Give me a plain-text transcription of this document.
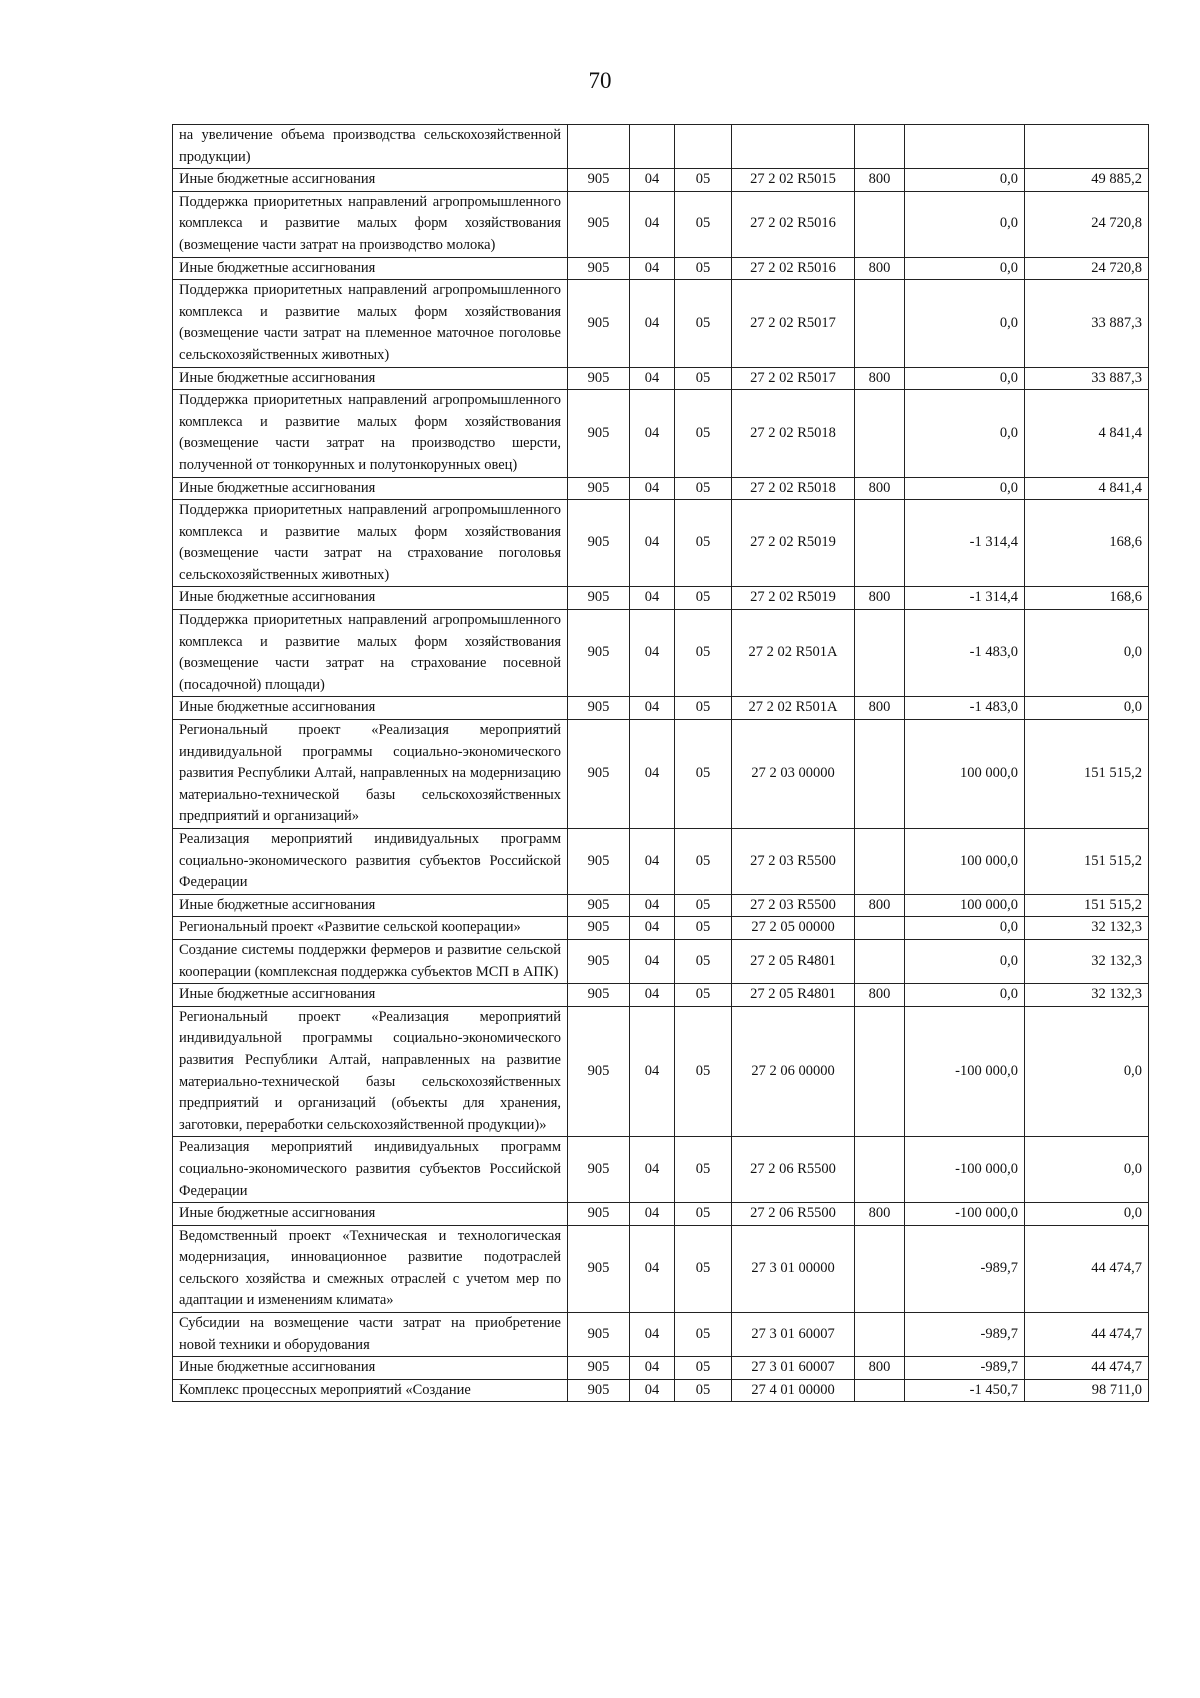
70
на увеличение объема производства сельскохозяйственной продукции)							
Иные бюджетные ассигнования	905	04	05	27 2 02 R5015	800	0,0	49 885,2
Поддержка приоритетных направлений агропромышленного комплекса и развитие малых форм хозяйствования (возмещение части затрат на производство молока)	905	04	05	27 2 02 R5016		0,0	24 720,8
Иные бюджетные ассигнования	905	04	05	27 2 02 R5016	800	0,0	24 720,8
Поддержка приоритетных направлений агропромышленного комплекса и развитие малых форм хозяйствования (возмещение части затрат на племенное маточное поголовье сельскохозяйственных животных)	905	04	05	27 2 02 R5017		0,0	33 887,3
Иные бюджетные ассигнования	905	04	05	27 2 02 R5017	800	0,0	33 887,3
Поддержка приоритетных направлений агропромышленного комплекса и развитие малых форм хозяйствования (возмещение части затрат на производство шерсти, полученной от тонкорунных и полутонкорунных овец)	905	04	05	27 2 02 R5018		0,0	4 841,4
Иные бюджетные ассигнования	905	04	05	27 2 02 R5018	800	0,0	4 841,4
Поддержка приоритетных направлений агропромышленного комплекса и развитие малых форм хозяйствования (возмещение части затрат на страхование поголовья сельскохозяйственных животных)	905	04	05	27 2 02 R5019		-1 314,4	168,6
Иные бюджетные ассигнования	905	04	05	27 2 02 R5019	800	-1 314,4	168,6
Поддержка приоритетных направлений агропромышленного комплекса и развитие малых форм хозяйствования (возмещение части затрат на страхование посевной (посадочной) площади)	905	04	05	27 2 02 R501A		-1 483,0	0,0
Иные бюджетные ассигнования	905	04	05	27 2 02 R501A	800	-1 483,0	0,0
Региональный проект «Реализация мероприятий индивидуальной программы социально-экономического развития Республики Алтай, направленных на модернизацию материально-технической базы сельскохозяйственных предприятий и организаций»	905	04	05	27 2 03 00000		100 000,0	151 515,2
Реализация мероприятий индивидуальных программ социально-экономического развития субъектов Российской Федерации	905	04	05	27 2 03 R5500		100 000,0	151 515,2
Иные бюджетные ассигнования	905	04	05	27 2 03 R5500	800	100 000,0	151 515,2
Региональный проект «Развитие сельской кооперации»	905	04	05	27 2 05 00000		0,0	32 132,3
Создание системы поддержки фермеров и развитие сельской кооперации (комплексная поддержка субъектов МСП в АПК)	905	04	05	27 2 05 R4801		0,0	32 132,3
Иные бюджетные ассигнования	905	04	05	27 2 05 R4801	800	0,0	32 132,3
Региональный проект «Реализация мероприятий индивидуальной программы социально-экономического развития Республики Алтай, направленных на развитие материально-технической базы сельскохозяйственных предприятий и организаций (объекты для хранения, заготовки, переработки сельскохозяйственной продукции)»	905	04	05	27 2 06 00000		-100 000,0	0,0
Реализация мероприятий индивидуальных программ социально-экономического развития субъектов Российской Федерации	905	04	05	27 2 06 R5500		-100 000,0	0,0
Иные бюджетные ассигнования	905	04	05	27 2 06 R5500	800	-100 000,0	0,0
Ведомственный проект «Техническая и технологическая модернизация, инновационное развитие подотраслей сельского хозяйства и смежных отраслей с учетом мер по адаптации и изменениям климата»	905	04	05	27 3 01 00000		-989,7	44 474,7
Субсидии на возмещение части затрат на приобретение новой техники и оборудования	905	04	05	27 3 01 60007		-989,7	44 474,7
Иные бюджетные ассигнования	905	04	05	27 3 01 60007	800	-989,7	44 474,7
Комплекс процессных мероприятий «Создание	905	04	05	27 4 01 00000		-1 450,7	98 711,0
